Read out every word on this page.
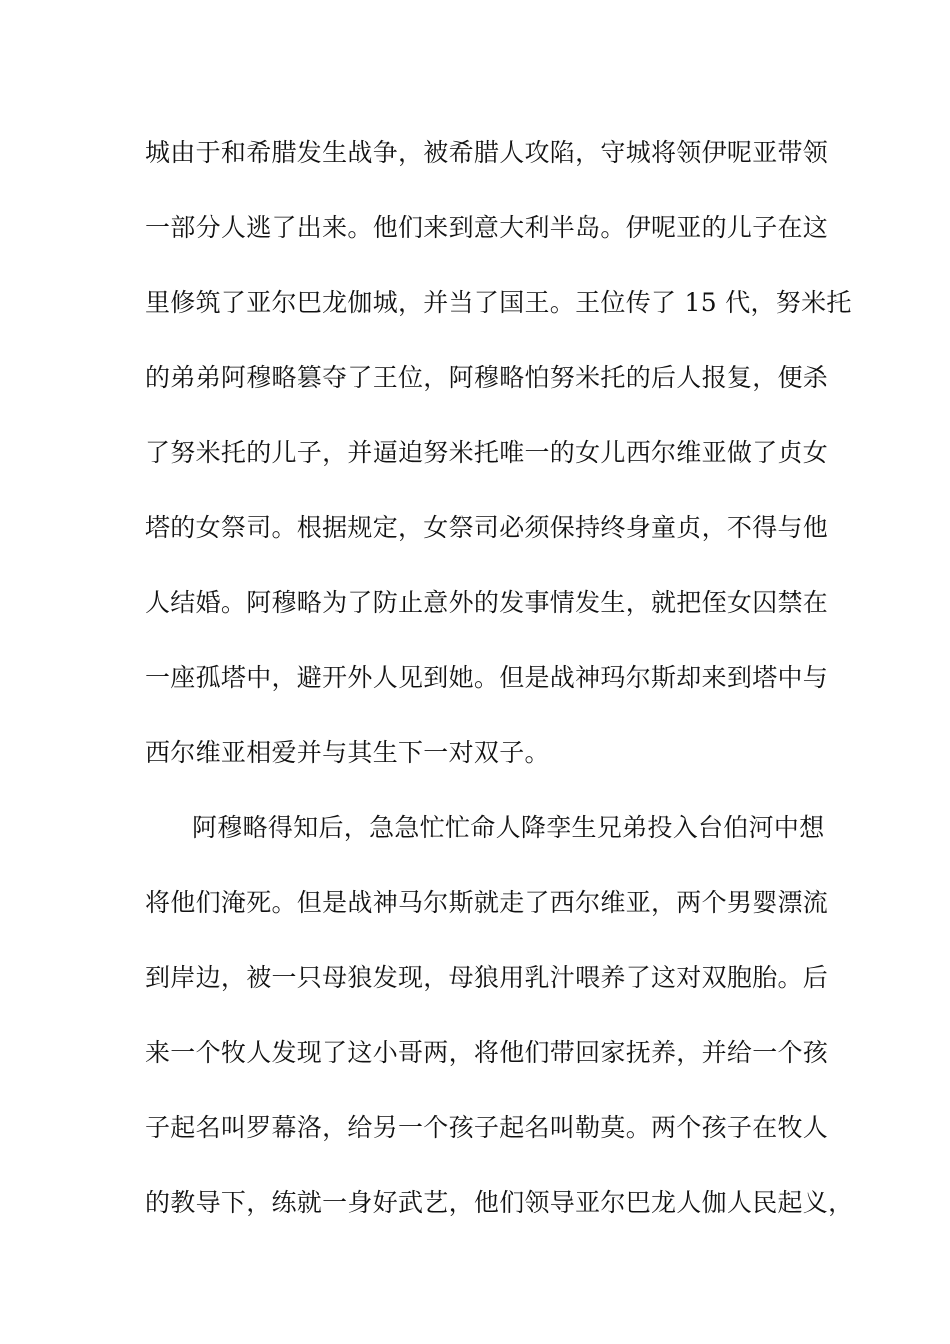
城由于和希腊发生战争，被希腊人攻陷，守城将领伊呢亚带领
一部分人逃了出来。他们来到意大利半岛。伊呢亚的儿子在这
里修筑了亚尔巴龙伽城，并当了国王。王位传了 15 代，努米托
的弟弟阿穆略篡夺了王位，阿穆略怕努米托的后人报复，便杀
了努米托的儿子，并逼迫努米托唯一的女儿西尔维亚做了贞女
塔的女祭司。根据规定，女祭司必须保持终身童贞，不得与他
人结婚。阿穆略为了防止意外的发事情发生，就把侄女囚禁在
一座孤塔中，避开外人见到她。但是战神玛尔斯却来到塔中与
西尔维亚相爱并与其生下一对双子。
阿穆略得知后，急急忙忙命人降孪生兄弟投入台伯河中想
将他们淹死。但是战神马尔斯就走了西尔维亚，两个男婴漂流
到岸边，被一只母狼发现，母狼用乳汁喂养了这对双胞胎。后
来一个牧人发现了这小哥两，将他们带回家抚养，并给一个孩
子起名叫罗幕洛，给另一个孩子起名叫勒莫。两个孩子在牧人
的教导下，练就一身好武艺，他们领导亚尔巴龙人伽人民起义，
